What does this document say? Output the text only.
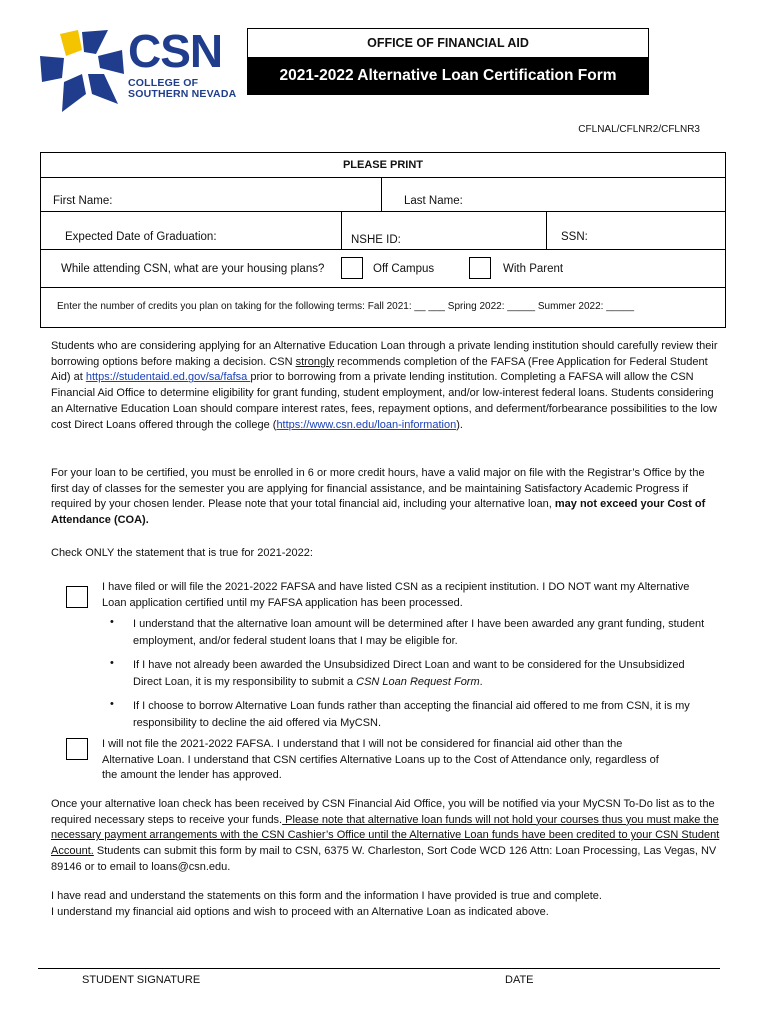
CSN
COLLEGE OF
SOUTHERN NEVADA
OFFICE OF FINANCIAL AID
2021-2022 Alternative Loan Certification Form
CFLNAL/CFLNR2/CFLNR3
PLEASE PRINT
First Name:	Last Name:
Expected Date of Graduation:	NSHE ID:	SSN:
While attending CSN, what are your housing plans?	Off Campus	With Parent
Enter the number of credits you plan on taking for the following terms: Fall 2021: __ ___ Spring 2022: _____ Summer 2022: _____
Students who are considering applying for an Alternative Education Loan through a private lending institution should carefully review their borrowing options before making a decision. CSN strongly recommends completion of the FAFSA (Free Application for Federal Student Aid) at https://studentaid.ed.gov/sa/fafsa prior to borrowing from a private lending institution. Completing a FAFSA will allow the CSN Financial Aid Office to determine eligibility for grant funding, student employment, and/or low-interest federal loans. Students considering an Alternative Education Loan should compare interest rates, fees, repayment options, and deferment/forbearance possibilities to the low cost Direct Loans offered through the college (https://www.csn.edu/loan-information).
For your loan to be certified, you must be enrolled in 6 or more credit hours, have a valid major on file with the Registrar’s Office by the first day of classes for the semester you are applying for financial assistance, and be maintaining Satisfactory Academic Progress if required by your chosen lender. Please note that your total financial aid, including your alternative loan, may not exceed your Cost of Attendance (COA).
Check ONLY the statement that is true for 2021-2022:
I have filed or will file the 2021-2022 FAFSA and have listed CSN as a recipient institution. I DO NOT want my Alternative Loan application certified until my FAFSA application has been processed.
• I understand that the alternative loan amount will be determined after I have been awarded any grant funding, student employment, and/or federal student loans that I may be eligible for.
• If I have not already been awarded the Unsubsidized Direct Loan and want to be considered for the Unsubsidized Direct Loan, it is my responsibility to submit a CSN Loan Request Form.
• If I choose to borrow Alternative Loan funds rather than accepting the financial aid offered to me from CSN, it is my responsibility to decline the aid offered via MyCSN.
I will not file the 2021-2022 FAFSA. I understand that I will not be considered for financial aid other than the Alternative Loan. I understand that CSN certifies Alternative Loans up to the Cost of Attendance only, regardless of the amount the lender has approved.
Once your alternative loan check has been received by CSN Financial Aid Office, you will be notified via your MyCSN To-Do list as to the required necessary steps to receive your funds. Please note that alternative loan funds will not hold your courses thus you must make the necessary payment arrangements with the CSN Cashier’s Office until the Alternative Loan funds have been credited to your CSN Student Account. Students can submit this form by mail to CSN, 6375 W. Charleston, Sort Code WCD 126 Attn: Loan Processing, Las Vegas, NV 89146 or to email to loans@csn.edu.
I have read and understand the statements on this form and the information I have provided is true and complete.
I understand my financial aid options and wish to proceed with an Alternative Loan as indicated above.
STUDENT SIGNATURE	DATE
